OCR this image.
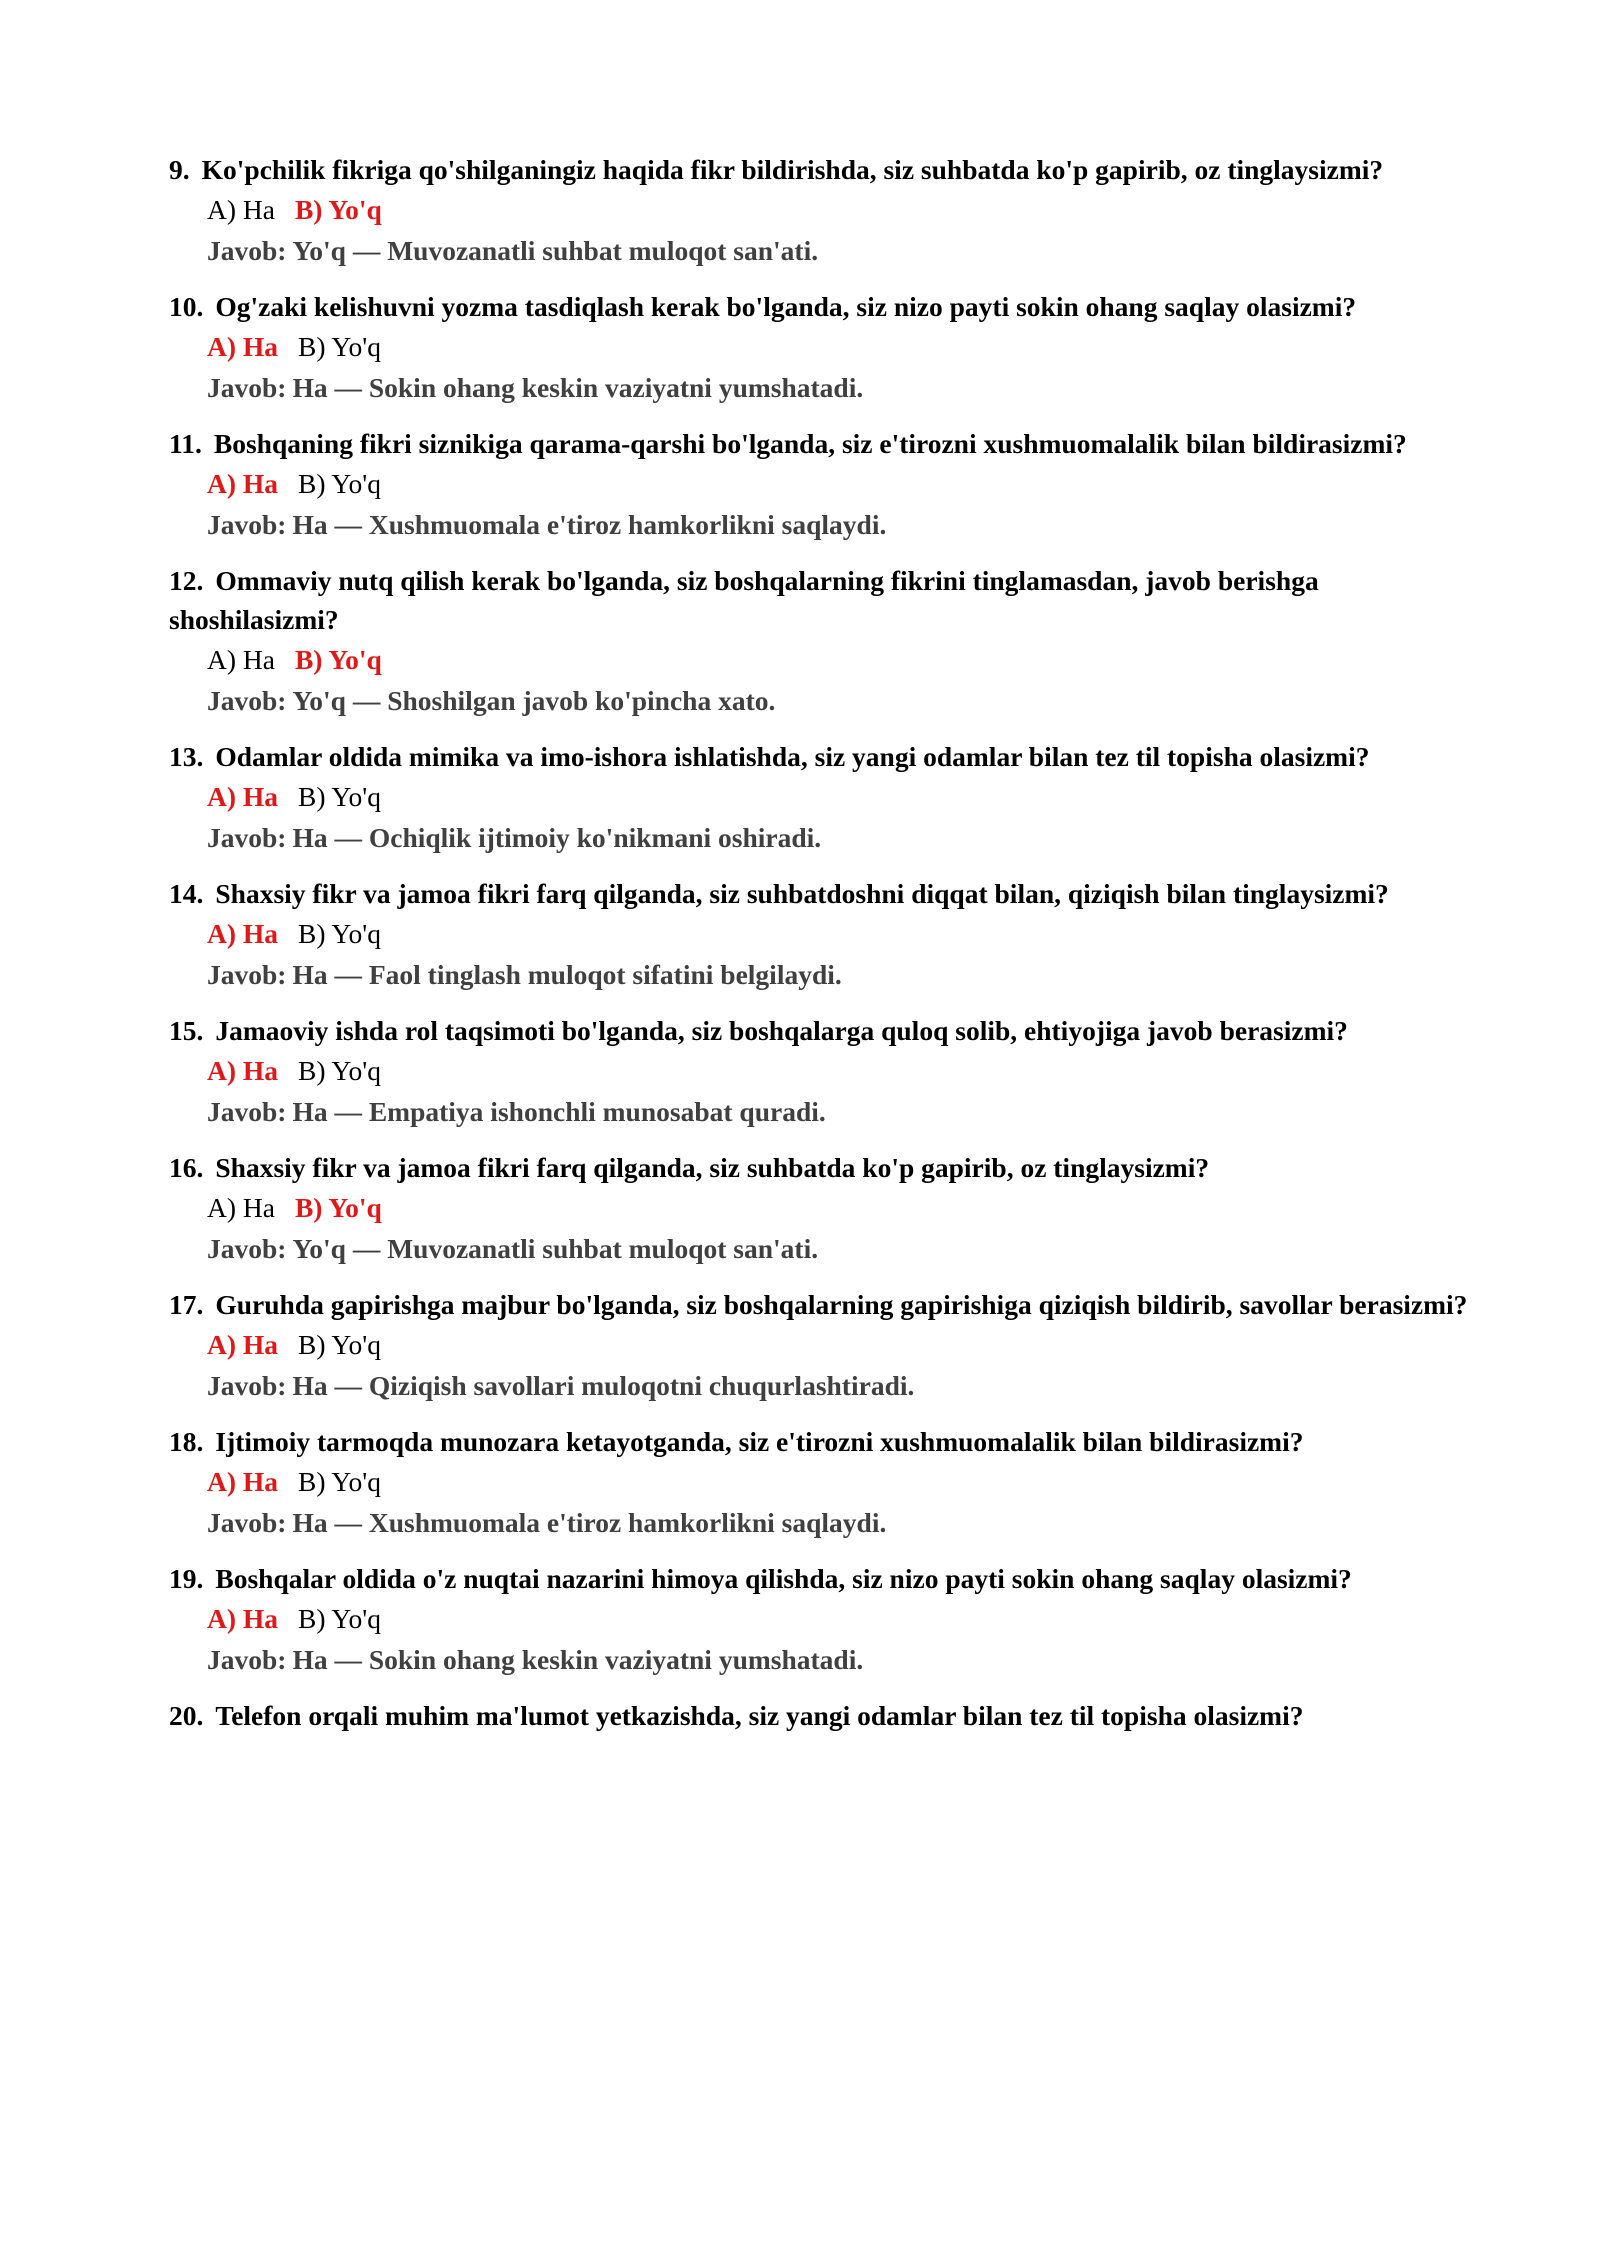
9. Ko'pchilik fikriga qo'shilganingiz haqida fikr bildirishda, siz suhbatda ko'p gapirib, oz tinglaysizmi?

A) Ha B) Yo'q
Javob: Yo'q — Muvozanatli suhbat muloqot san'ati.

10. Og'zaki kelishuvni yozma tasdiqlash kerak bo'lganda, siz nizo payti sokin ohang saqlay olasizmi?

A) Ha B) Yo'q
Javob: Ha — Sokin ohang keskin vaziyatni yumshatadi.

11. Boshqaning fikri siznikiga qarama-qarshi bo'lganda, siz e'tirozni xushmuomalalik bilan bildirasizmi?

A) Ha B) Yo'q
Javob: Ha — Xushmuomala e'tiroz hamkorlikni saqlaydi.

12. Ommaviy nutq qilish kerak bo'lganda, siz boshqalarning fikrini tinglamasdan, javob berishga shoshilasizmi?

A) Ha B) Yo'q
Javob: Yo'q — Shoshilgan javob ko'pincha xato.

13. Odamlar oldida mimika va imo-ishora ishlatishda, siz yangi odamlar bilan tez til topisha olasizmi?

A) Ha B) Yo'q
Javob: Ha — Ochiqlik ijtimoiy ko'nikmani oshiradi.

14. Shaxsiy fikr va jamoa fikri farq qilganda, siz suhbatdoshni diqqat bilan, qiziqish bilan tinglaysizmi?

A) Ha B) Yo'q
Javob: Ha — Faol tinglash muloqot sifatini belgilaydi.

15. Jamaoviy ishda rol taqsimoti bo'lganda, siz boshqalarga quloq solib, ehtiyojiga javob berasizmi?

A) Ha B) Yo'q
Javob: Ha — Empatiya ishonchli munosabat quradi.

16. Shaxsiy fikr va jamoa fikri farq qilganda, siz suhbatda ko'p gapirib, oz tinglaysizmi?

A) Ha B) Yo'q
Javob: Yo'q — Muvozanatli suhbat muloqot san'ati.

17. Guruhda gapirishga majbur bo'lganda, siz boshqalarning gapirishiga qiziqish bildirib, savollar berasizmi?

A) Ha B) Yo'q
Javob: Ha — Qiziqish savollari muloqotni chuqurlashtiradi.

18. Ijtimoiy tarmoqda munozara ketayotganda, siz e'tirozni xushmuomalalik bilan bildirasizmi?

A) Ha B) Yo'q
Javob: Ha — Xushmuomala e'tiroz hamkorlikni saqlaydi.

19. Boshqalar oldida o'z nuqtai nazarini himoya qilishda, siz nizo payti sokin ohang saqlay olasizmi?

A) Ha B) Yo'q
Javob: Ha — Sokin ohang keskin vaziyatni yumshatadi.

20. Telefon orqali muhim ma'lumot yetkazishda, siz yangi odamlar bilan tez til topisha olasizmi?
